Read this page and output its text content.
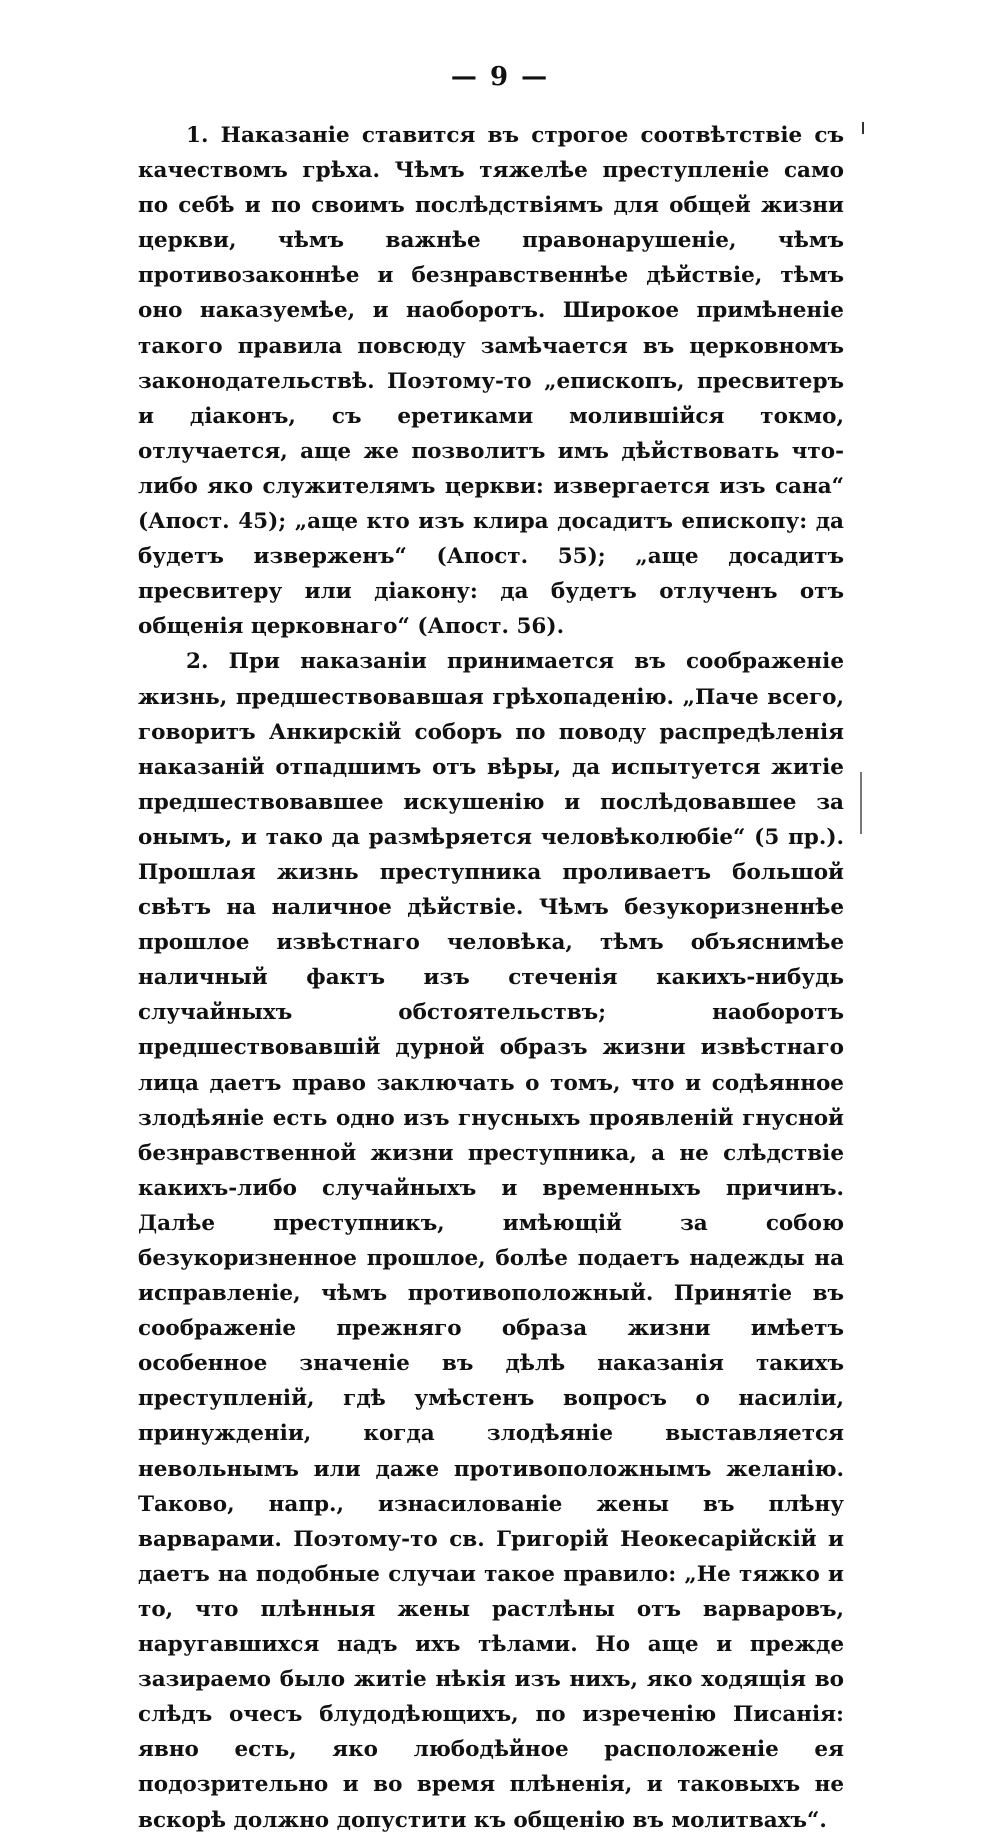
— 9 —

1. Наказаніе ставится въ строгое соотвѣтствіе съ качествомъ грѣха. Чѣмъ тяжелѣе преступленіе само по себѣ и по своимъ послѣдствіямъ для общей жизни церкви, чѣмъ важнѣе правонарушеніе, чѣмъ противозаконнѣе и безнравственнѣе дѣйствіе, тѣмъ оно наказуемѣе, и наоборотъ. Широкое примѣненіе такого правила повсюду замѣчается въ церковномъ законодательствѣ. Поэтому-то „епископъ, пресвитеръ и діаконъ, съ еретиками молившійся токмо, отлучается, аще же позволитъ имъ дѣйствовать что-либо яко служителямъ церкви: извергается изъ сана“ (Апост. 45); „аще кто изъ клира досадитъ епископу: да будетъ изверженъ“ (Апост. 55); „аще досадитъ пресвитеру или діакону: да будетъ отлученъ отъ общенія церковнаго“ (Апост. 56).

2. При наказаніи принимается въ соображеніе жизнь, предшествовавшая грѣхопаденію. „Паче всего, говоритъ Анкирскій соборъ по поводу распредѣленія наказаній отпадшимъ отъ вѣры, да испытуется житіе предшествовавшее искушенію и послѣдовавшее за онымъ, и тако да размѣряется человѣколюбіе“ (5 пр.). Прошлая жизнь преступника проливаетъ большой свѣтъ на наличное дѣйствіе. Чѣмъ безукоризненнѣе прошлое извѣстнаго человѣка, тѣмъ объяснимѣе наличный фактъ изъ стеченія какихъ-нибудь случайныхъ обстоятельствъ; наоборотъ предшествовавшій дурной образъ жизни извѣстнаго лица даетъ право заключать о томъ, что и содѣянное злодѣяніе есть одно изъ гнусныхъ проявленій гнусной безнравственной жизни преступника, а не слѣдствіе какихъ-либо случайныхъ и временныхъ причинъ. Далѣе преступникъ, имѣющій за собою безукоризненное прошлое, болѣе подаетъ надежды на исправленіе, чѣмъ противоположный. Принятіе въ соображеніе прежняго образа жизни имѣетъ особенное значеніе въ дѣлѣ наказанія такихъ преступленій, гдѣ умѣстенъ вопросъ о насиліи, принужденіи, когда злодѣяніе выставляется невольнымъ или даже противоположнымъ желанію. Таково, напр., изнасилованіе жены въ плѣну варварами. Поэтому-то св. Григорій Неокесарійскій и даетъ на подобные случаи такое правило: „Не тяжко и то, что плѣнныя жены растлѣны отъ варваровъ, наругавшихся надъ ихъ тѣлами. Но аще и прежде зазираемо было житіе нѣкія изъ нихъ, яко ходящія во слѣдъ очесъ блудодѣющихъ, по изреченію Писанія: явно есть, яко любодѣйное расположеніе ея подозрительно и во время плѣненія, и таковыхъ не вскорѣ должно допустити къ общенію въ молитвахъ“.
